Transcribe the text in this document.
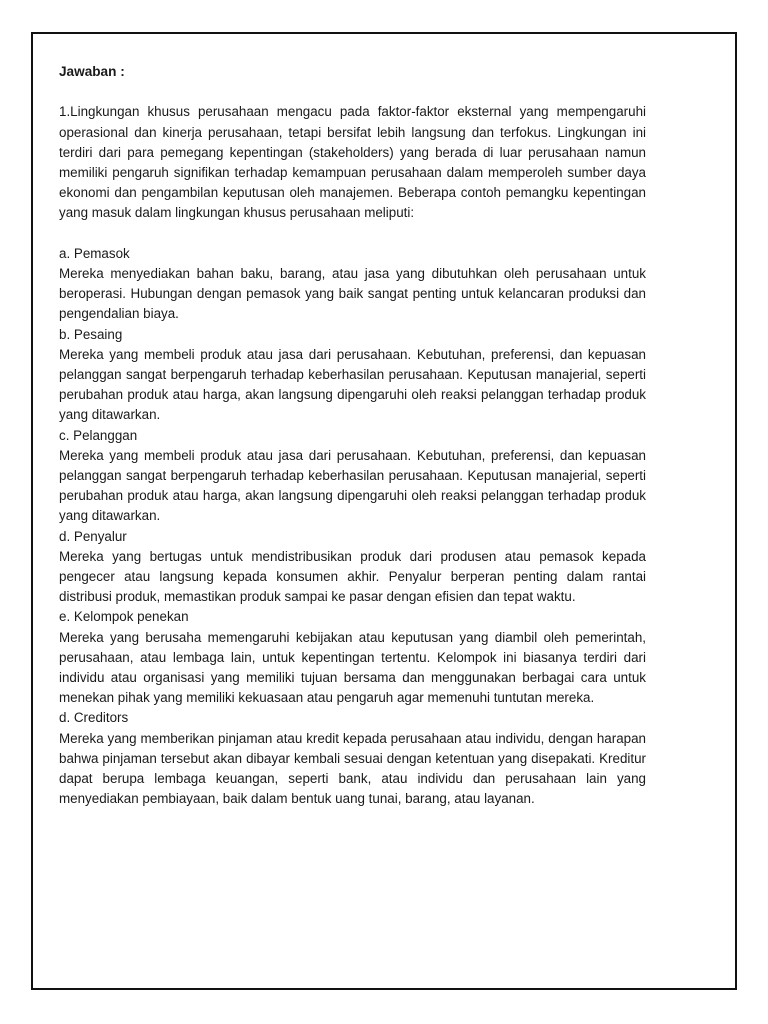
Jawaban :

1.Lingkungan khusus perusahaan mengacu pada faktor-faktor eksternal yang mempengaruhi operasional dan kinerja perusahaan, tetapi bersifat lebih langsung dan terfokus. Lingkungan ini terdiri dari para pemegang kepentingan (stakeholders) yang berada di luar perusahaan namun memiliki pengaruh signifikan terhadap kemampuan perusahaan dalam memperoleh sumber daya ekonomi dan pengambilan keputusan oleh manajemen. Beberapa contoh pemangku kepentingan yang masuk dalam lingkungan khusus perusahaan meliputi:

a. Pemasok

Mereka menyediakan bahan baku, barang, atau jasa yang dibutuhkan oleh perusahaan untuk beroperasi. Hubungan dengan pemasok yang baik sangat penting untuk kelancaran produksi dan pengendalian biaya.

b. Pesaing

Mereka yang membeli produk atau jasa dari perusahaan. Kebutuhan, preferensi, dan kepuasan pelanggan sangat berpengaruh terhadap keberhasilan perusahaan. Keputusan manajerial, seperti perubahan produk atau harga, akan langsung dipengaruhi oleh reaksi pelanggan terhadap produk yang ditawarkan.

c. Pelanggan

Mereka yang membeli produk atau jasa dari perusahaan. Kebutuhan, preferensi, dan kepuasan pelanggan sangat berpengaruh terhadap keberhasilan perusahaan. Keputusan manajerial, seperti perubahan produk atau harga, akan langsung dipengaruhi oleh reaksi pelanggan terhadap produk yang ditawarkan.

d. Penyalur

Mereka yang bertugas untuk mendistribusikan produk dari produsen atau pemasok kepada pengecer atau langsung kepada konsumen akhir. Penyalur berperan penting dalam rantai distribusi produk, memastikan produk sampai ke pasar dengan efisien dan tepat waktu.

e. Kelompok penekan

Mereka yang berusaha memengaruhi kebijakan atau keputusan yang diambil oleh pemerintah, perusahaan, atau lembaga lain, untuk kepentingan tertentu. Kelompok ini biasanya terdiri dari individu atau organisasi yang memiliki tujuan bersama dan menggunakan berbagai cara untuk menekan pihak yang memiliki kekuasaan atau pengaruh agar memenuhi tuntutan mereka.

d. Creditors

Mereka yang memberikan pinjaman atau kredit kepada perusahaan atau individu, dengan harapan bahwa pinjaman tersebut akan dibayar kembali sesuai dengan ketentuan yang disepakati. Kreditur dapat berupa lembaga keuangan, seperti bank, atau individu dan perusahaan lain yang menyediakan pembiayaan, baik dalam bentuk uang tunai, barang, atau layanan.
